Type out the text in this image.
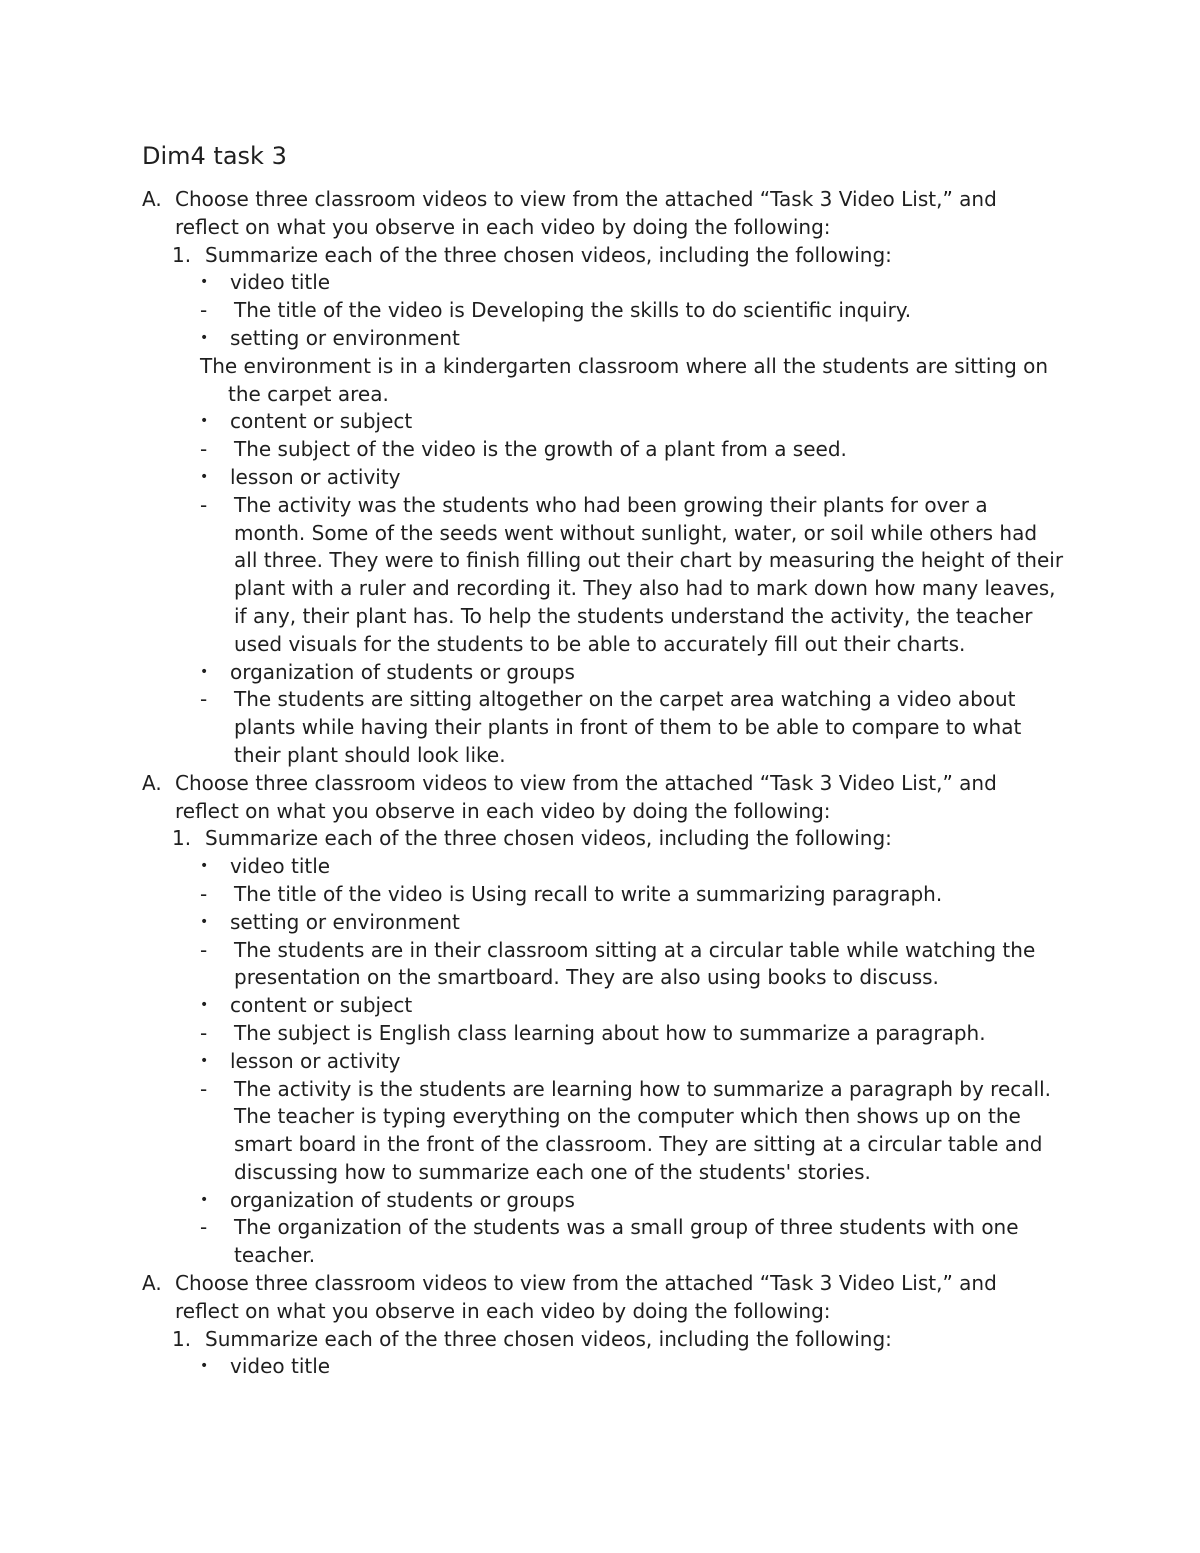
Dim4 task 3
A. Choose three classroom videos to view from the attached “Task 3 Video List,” and reflect on what you observe in each video by doing the following:
1. Summarize each of the three chosen videos, including the following:
• video title
- The title of the video is Developing the skills to do scientific inquiry.
• setting or environment
The environment is in a kindergarten classroom where all the students are sitting on the carpet area.
• content or subject
- The subject of the video is the growth of a plant from a seed.
• lesson or activity
- The activity was the students who had been growing their plants for over a month. Some of the seeds went without sunlight, water, or soil while others had all three. They were to finish filling out their chart by measuring the height of their plant with a ruler and recording it. They also had to mark down how many leaves, if any, their plant has. To help the students understand the activity, the teacher used visuals for the students to be able to accurately fill out their charts.
• organization of students or groups
- The students are sitting altogether on the carpet area watching a video about plants while having their plants in front of them to be able to compare to what their plant should look like.
A. Choose three classroom videos to view from the attached “Task 3 Video List,” and reflect on what you observe in each video by doing the following:
1. Summarize each of the three chosen videos, including the following:
• video title
- The title of the video is Using recall to write a summarizing paragraph.
• setting or environment
- The students are in their classroom sitting at a circular table while watching the presentation on the smartboard. They are also using books to discuss.
• content or subject
- The subject is English class learning about how to summarize a paragraph.
• lesson or activity
- The activity is the students are learning how to summarize a paragraph by recall. The teacher is typing everything on the computer which then shows up on the smart board in the front of the classroom. They are sitting at a circular table and discussing how to summarize each one of the students' stories.
• organization of students or groups
- The organization of the students was a small group of three students with one teacher.
A. Choose three classroom videos to view from the attached “Task 3 Video List,” and reflect on what you observe in each video by doing the following:
1. Summarize each of the three chosen videos, including the following:
• video title
